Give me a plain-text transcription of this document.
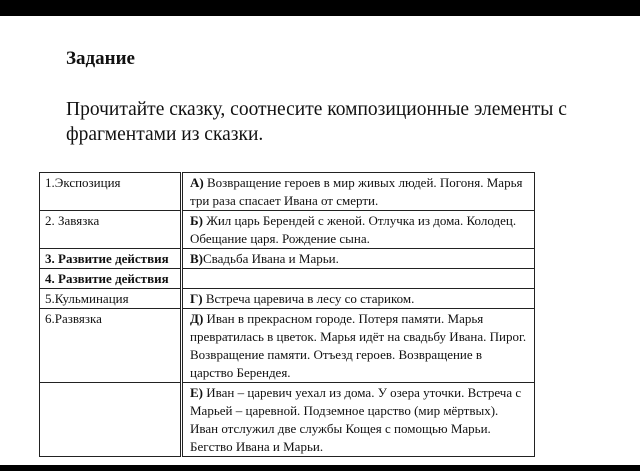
Задание

Прочитайте сказку, соотнесите композиционные элементы с фрагментами из сказки.

1.Экспозиция	А) Возвращение героев в мир живых людей. Погоня. Марья три раза спасает Ивана от смерти.
2. Завязка	Б) Жил царь Берендей с женой. Отлучка из дома. Колодец. Обещание царя. Рождение сына.
3. Развитие действия	В)Свадьба Ивана и Марьи.
4. Развитие действия	
5.Кульминация	Г) Встреча царевича в лесу со стариком.
6.Развязка	Д) Иван в прекрасном городе. Потеря памяти. Марья превратилась в цветок. Марья идёт на свадьбу Ивана. Пирог. Возвращение памяти. Отъезд героев. Возвращение в царство Берендея.
	Е) Иван – царевич уехал из дома. У озера уточки. Встреча с Марьей – царевной. Подземное царство (мир мёртвых). Иван отслужил две службы Кощея с помощью Марьи. Бегство Ивана и Марьи.
